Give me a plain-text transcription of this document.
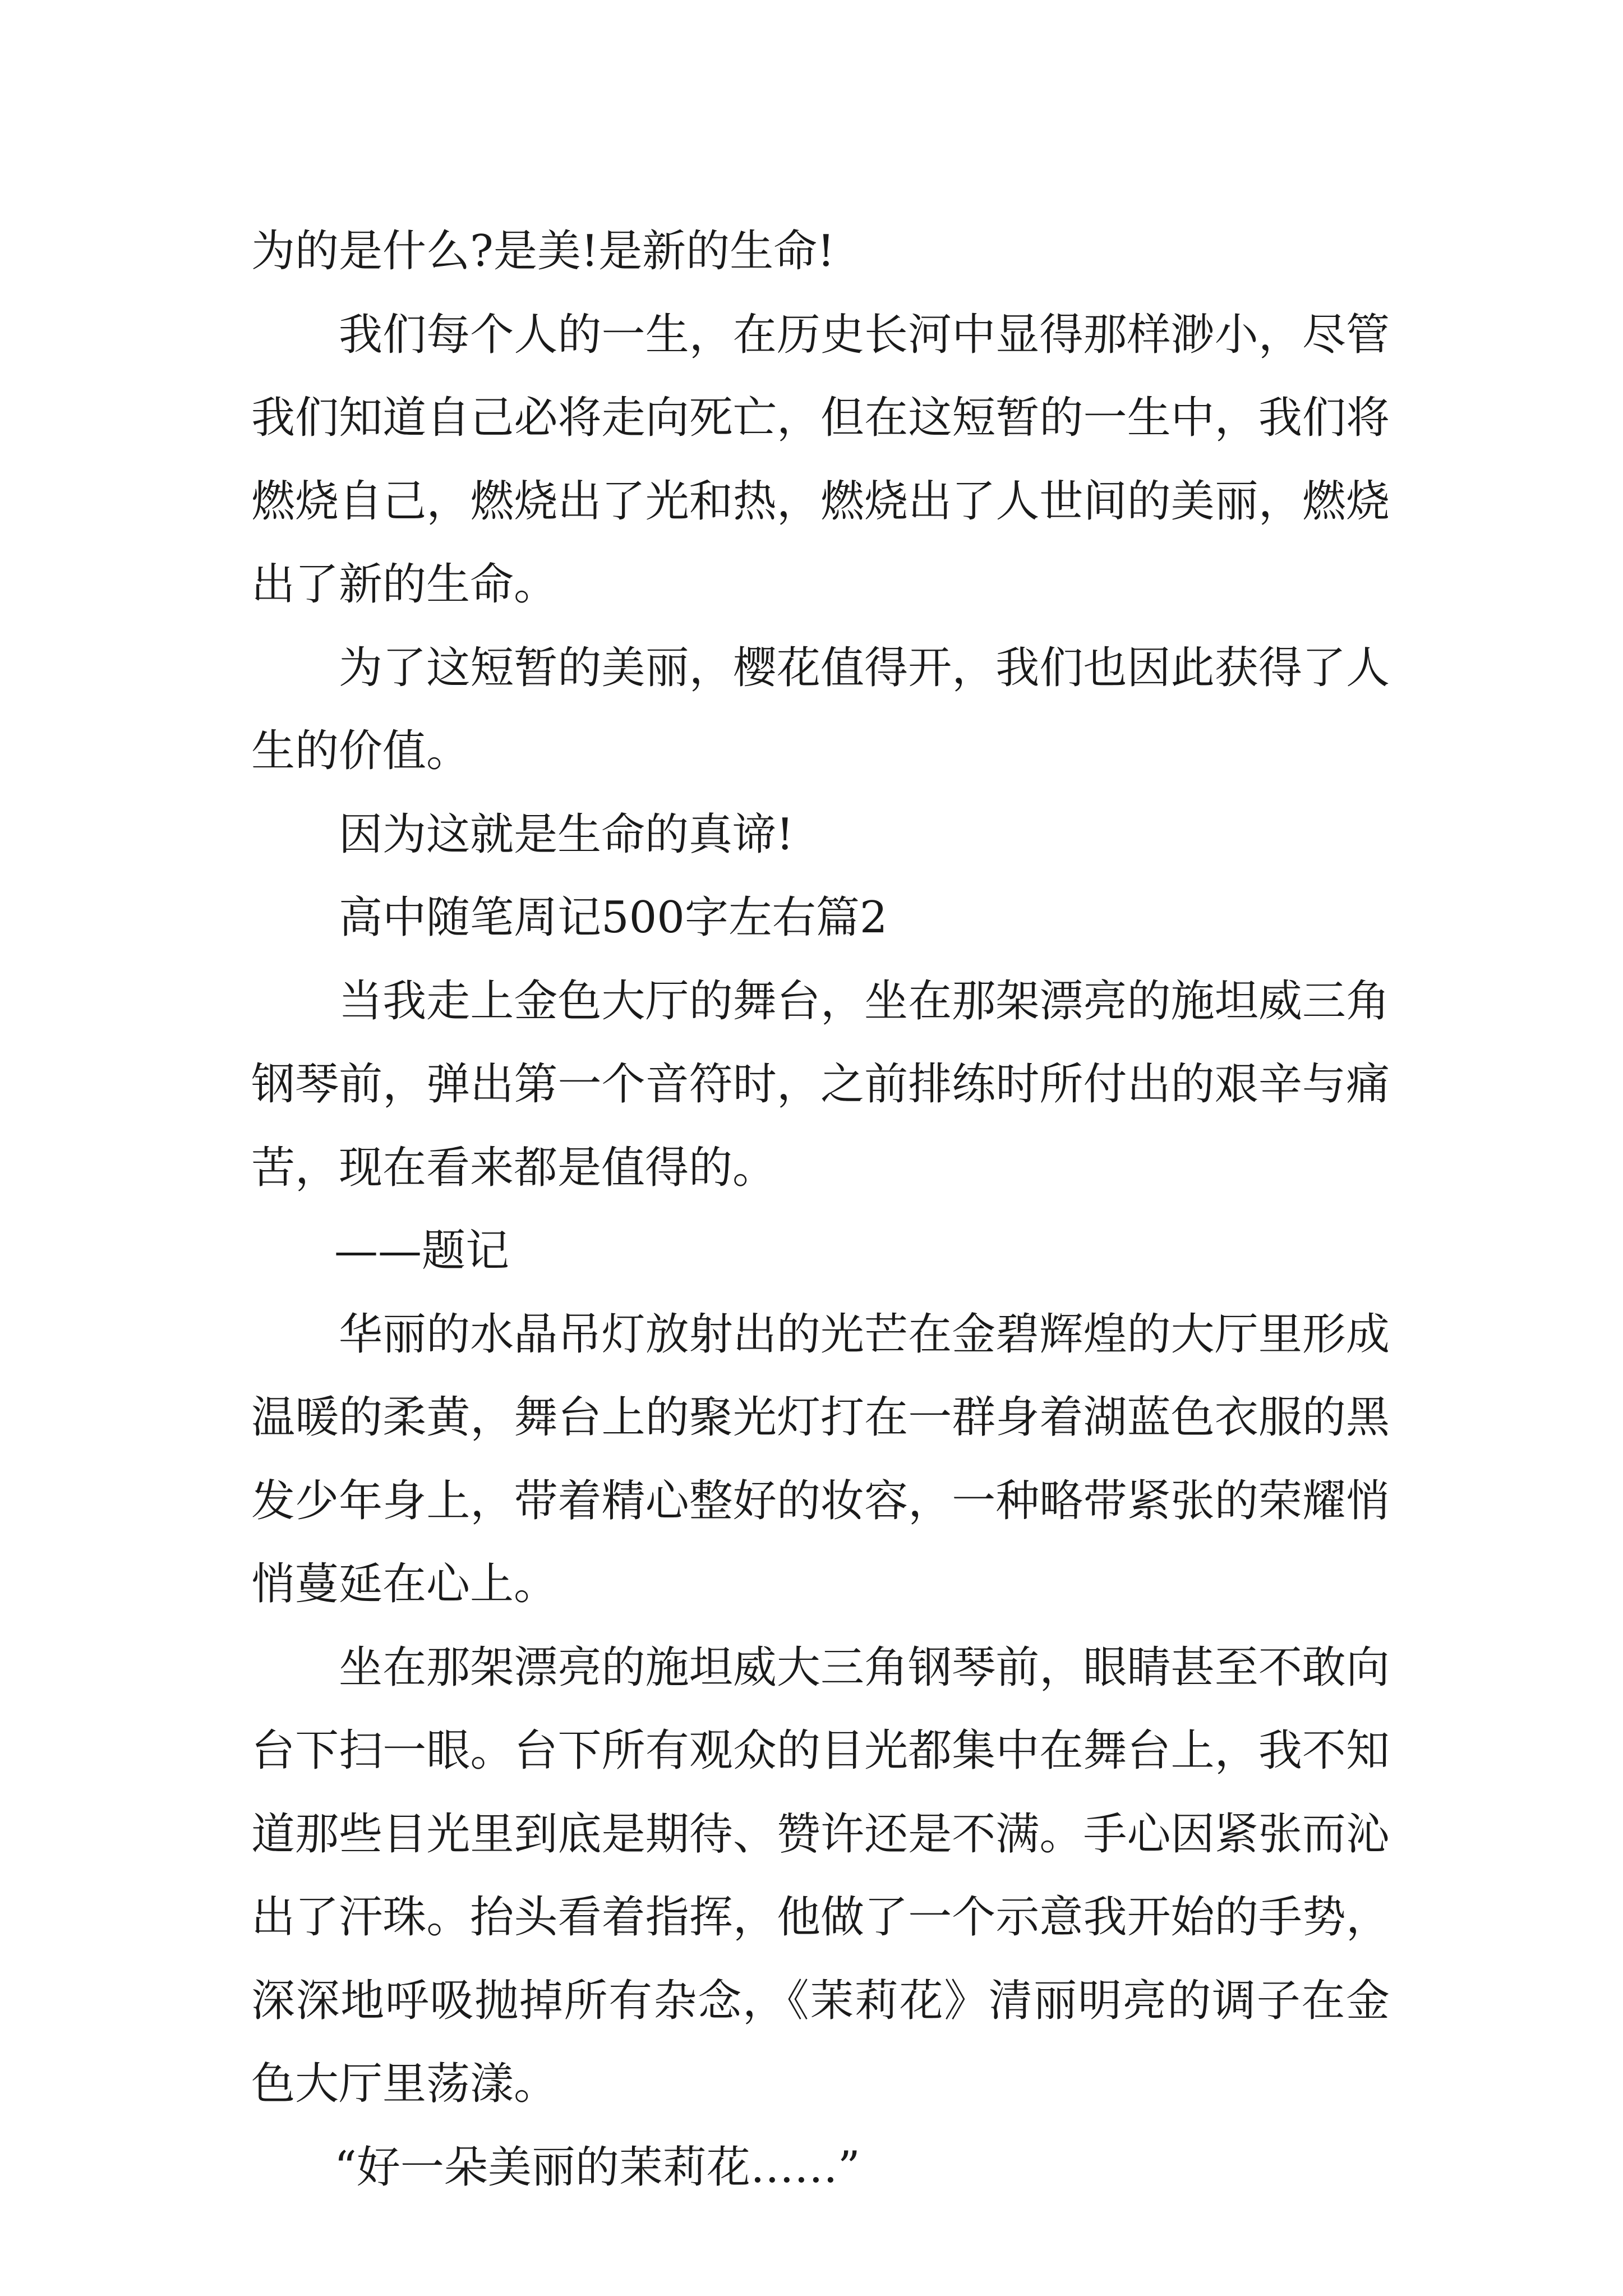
为的是什么?是美!是新的生命!

我们每个人的一生，在历史长河中显得那样渺小，尽管我们知道自己必将走向死亡，但在这短暂的一生中，我们将燃烧自己，燃烧出了光和热，燃烧出了人世间的美丽，燃烧出了新的生命。

为了这短暂的美丽，樱花值得开，我们也因此获得了人生的价值。

因为这就是生命的真谛!

高中随笔周记500字左右篇2

当我走上金色大厅的舞台，坐在那架漂亮的施坦威三角钢琴前，弹出第一个音符时，之前排练时所付出的艰辛与痛苦，现在看来都是值得的。

——题记

华丽的水晶吊灯放射出的光芒在金碧辉煌的大厅里形成温暖的柔黄，舞台上的聚光灯打在一群身着湖蓝色衣服的黑发少年身上，带着精心整好的妆容，一种略带紧张的荣耀悄悄蔓延在心上。

坐在那架漂亮的施坦威大三角钢琴前，眼睛甚至不敢向台下扫一眼。台下所有观众的目光都集中在舞台上，我不知道那些目光里到底是期待、赞许还是不满。手心因紧张而沁出了汗珠。抬头看着指挥，他做了一个示意我开始的手势，深深地呼吸抛掉所有杂念，《茉莉花》清丽明亮的调子在金色大厅里荡漾。

“好一朵美丽的茉莉花……”
